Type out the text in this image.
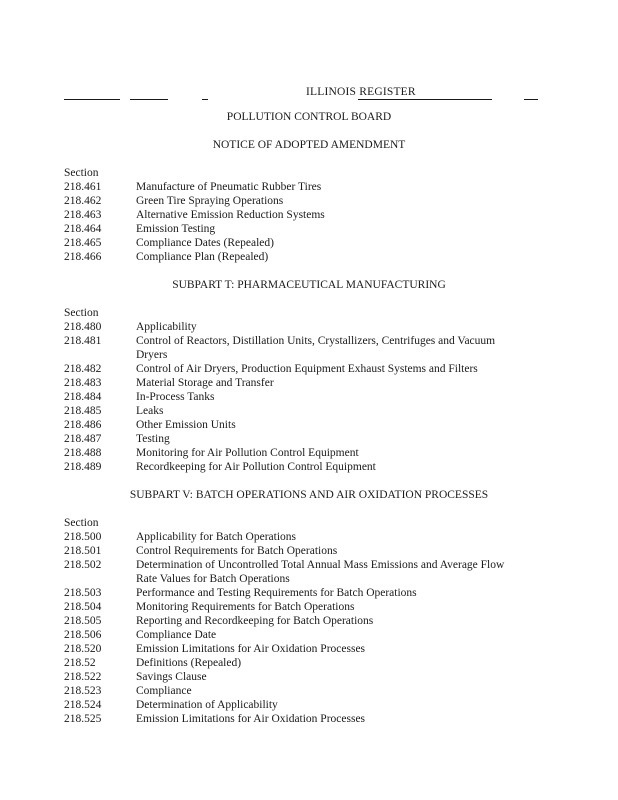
ILLINOIS REGISTER
POLLUTION CONTROL BOARD
NOTICE OF ADOPTED AMENDMENT
Section
218.461	Manufacture of Pneumatic Rubber Tires
218.462	Green Tire Spraying Operations
218.463	Alternative Emission Reduction Systems
218.464	Emission Testing
218.465	Compliance Dates (Repealed)
218.466	Compliance Plan (Repealed)
SUBPART T: PHARMACEUTICAL MANUFACTURING
Section
218.480	Applicability
218.481	Control of Reactors, Distillation Units, Crystallizers, Centrifuges and Vacuum
Dryers
218.482	Control of Air Dryers, Production Equipment Exhaust Systems and Filters
218.483	Material Storage and Transfer
218.484	In-Process Tanks
218.485	Leaks
218.486	Other Emission Units
218.487	Testing
218.488	Monitoring for Air Pollution Control Equipment
218.489	Recordkeeping for Air Pollution Control Equipment
SUBPART V: BATCH OPERATIONS AND AIR OXIDATION PROCESSES
Section
218.500	Applicability for Batch Operations
218.501	Control Requirements for Batch Operations
218.502	Determination of Uncontrolled Total Annual Mass Emissions and Average Flow
Rate Values for Batch Operations
218.503	Performance and Testing Requirements for Batch Operations
218.504	Monitoring Requirements for Batch Operations
218.505	Reporting and Recordkeeping for Batch Operations
218.506	Compliance Date
218.520	Emission Limitations for Air Oxidation Processes
218.52	Definitions (Repealed)
218.522	Savings Clause
218.523	Compliance
218.524	Determination of Applicability
218.525	Emission Limitations for Air Oxidation Processes
